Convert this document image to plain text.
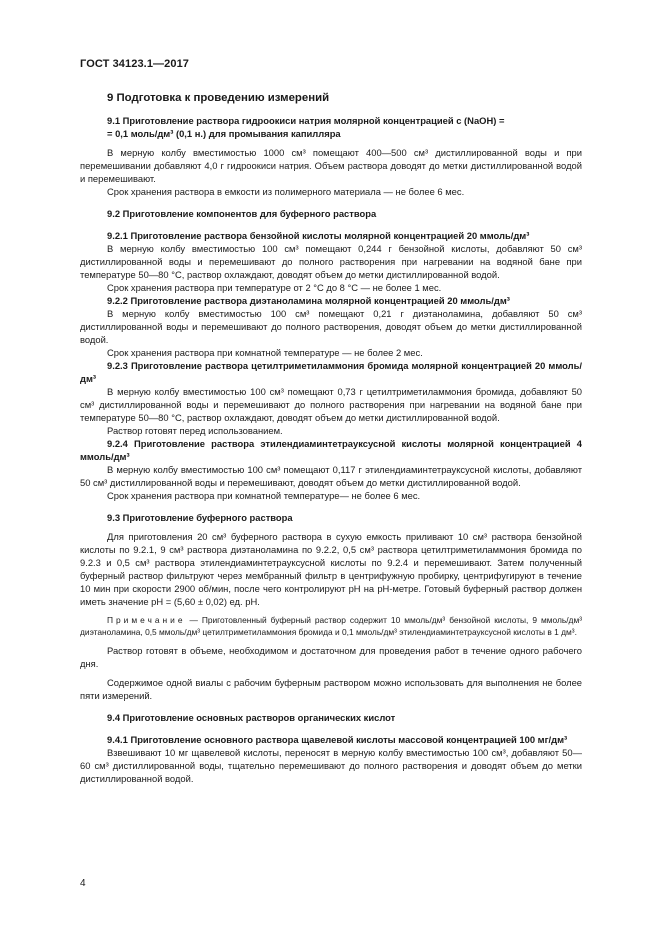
ГОСТ 34123.1—2017

9 Подготовка к проведению измерений

9.1 Приготовление раствора гидроокиси натрия молярной концентрацией с (NaOH) =

= 0,1 моль/дм³ (0,1 н.) для промывания капилляра

В мерную колбу вместимостью 1000 см³ помещают 400—500 см³ дистиллированной воды и при перемешивании добавляют 4,0 г гидроокиси натрия. Объем раствора доводят до метки дистиллированной водой и перемешивают.

Срок хранения раствора в емкости из полимерного материала — не более 6 мес.

9.2 Приготовление компонентов для буферного раствора

9.2.1 Приготовление раствора бензойной кислоты молярной концентрацией 20 ммоль/дм³

В мерную колбу вместимостью 100 см³ помещают 0,244 г бензойной кислоты, добавляют 50 см³ дистиллированной воды и перемешивают до полного растворения при нагревании на водяной бане при температуре 50—80 °С, раствор охлаждают, доводят объем до метки дистиллированной водой.

Срок хранения раствора при температуре от 2 °С до 8 °С — не более 1 мес.

9.2.2 Приготовление раствора диэтаноламина молярной концентрацией 20 ммоль/дм³

В мерную колбу вместимостью 100 см³ помещают 0,21 г диэтаноламина, добавляют 50 см³ дистиллированной воды и перемешивают до полного растворения, доводят объем до метки дистиллированной водой.

Срок хранения раствора при комнатной температуре — не более 2 мес.

9.2.3 Приготовление раствора цетилтриметиламмония бромида молярной концентрацией 20 ммоль/дм³

В мерную колбу вместимостью 100 см³ помещают 0,73 г цетилтриметиламмония бромида, добавляют 50 см³ дистиллированной воды и перемешивают до полного растворения при нагревании на водяной бане при температуре 50—80 °С, раствор охлаждают, доводят объем до метки дистиллированной водой.

Раствор готовят перед использованием.

9.2.4 Приготовление раствора этилендиаминтетрауксусной кислоты молярной концентрацией 4 ммоль/дм³

В мерную колбу вместимостью 100 см³ помещают 0,117 г этилендиаминтетрауксусной кислоты, добавляют 50 см³ дистиллированной воды и перемешивают, доводят объем до метки дистиллированной водой.

Срок хранения раствора при комнатной температуре— не более 6 мес.

9.3 Приготовление буферного раствора

Для приготовления 20 см³ буферного раствора в сухую емкость приливают 10 см³ раствора бензойной кислоты по 9.2.1, 9 см³ раствора диэтаноламина по 9.2.2, 0,5 см³ раствора цетилтриметиламмония бромида по 9.2.3 и 0,5 см³ раствора этилендиаминтетрауксусной кислоты по 9.2.4 и перемешивают. Затем полученный буферный раствор фильтруют через мембранный фильтр в центрифужную пробирку, центрифугируют в течение 10 мин при скорости 2900 об/мин, после чего контролируют pH на pH-метре. Готовый буферный раствор должен иметь значение pH = (5,60 ± 0,02) ед. pH.

Примечание — Приготовленный буферный раствор содержит 10 ммоль/дм³ бензойной кислоты, 9 ммоль/дм³ диэтаноламина, 0,5 ммоль/дм³ цетилтриметиламмония бромида и 0,1 ммоль/дм³ этилендиаминтетрауксусной кислоты в 1 дм³.

Раствор готовят в объеме, необходимом и достаточном для проведения работ в течение одного рабочего дня.

Содержимое одной виалы с рабочим буферным раствором можно использовать для выполнения не более пяти измерений.

9.4 Приготовление основных растворов органических кислот

9.4.1 Приготовление основного раствора щавелевой кислоты массовой концентрацией 100 мг/дм³

Взвешивают 10 мг щавелевой кислоты, переносят в мерную колбу вместимостью 100 см³, добавляют 50—60 см³ дистиллированной воды, тщательно перемешивают до полного растворения и доводят объем до метки дистиллированной водой.

4
